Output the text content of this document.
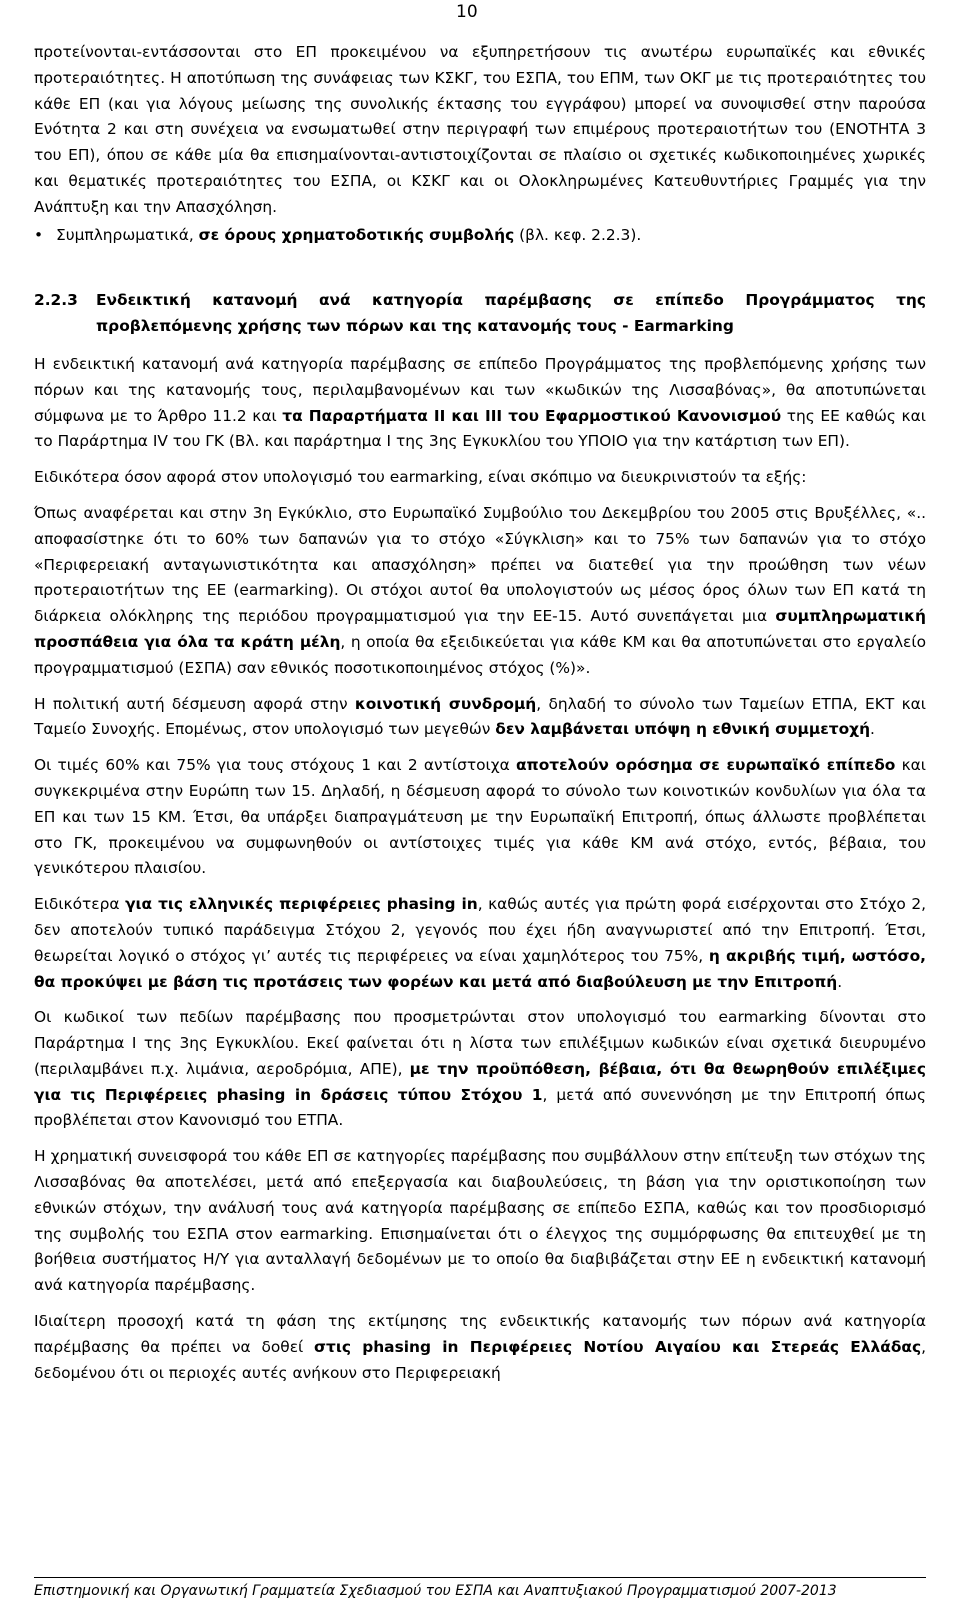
10

προτείνονται-εντάσσονται στο ΕΠ προκειμένου να εξυπηρετήσουν τις ανωτέρω ευρωπαϊκές και εθνικές προτεραιότητες. Η αποτύπωση της συνάφειας των ΚΣΚΓ, του ΕΣΠΑ, του ΕΠΜ, των ΟΚΓ με τις προτεραιότητες του κάθε ΕΠ (και για λόγους μείωσης της συνολικής έκτασης του εγγράφου) μπορεί να συνοψισθεί στην παρούσα Ενότητα 2 και στη συνέχεια να ενσωματωθεί στην περιγραφή των επιμέρους προτεραιοτήτων του (ΕΝΟΤΗΤΑ 3 του ΕΠ), όπου σε κάθε μία θα επισημαίνονται-αντιστοιχίζονται σε πλαίσιο οι σχετικές κωδικοποιημένες χωρικές και θεματικές προτεραιότητες του ΕΣΠΑ, οι ΚΣΚΓ και οι Ολοκληρωμένες Κατευθυντήριες Γραμμές για την Ανάπτυξη και την Απασχόληση.

• Συμπληρωματικά, σε όρους χρηματοδοτικής συμβολής (βλ. κεφ. 2.2.3).
2.2.3	Ενδεικτική κατανομή ανά κατηγορία παρέμβασης σε επίπεδο Προγράμματος της προβλεπόμενης χρήσης των πόρων και της κατανομής τους - Earmarking

Η ενδεικτική κατανομή ανά κατηγορία παρέμβασης σε επίπεδο Προγράμματος της προβλεπόμενης χρήσης των πόρων και της κατανομής τους, περιλαμβανομένων και των «κωδικών της Λισσαβόνας», θα αποτυπώνεται σύμφωνα με το Άρθρο 11.2 και τα Παραρτήματα ΙΙ και ΙΙΙ του Εφαρμοστικού Κανονισμού της ΕΕ καθώς και το Παράρτημα IV του ΓΚ (Βλ. και παράρτημα Ι της 3ης Εγκυκλίου του ΥΠΟΙΟ για την κατάρτιση των ΕΠ).

Ειδικότερα όσον αφορά στον υπολογισμό του earmarking, είναι σκόπιμο να διευκρινιστούν τα εξής:

Όπως αναφέρεται και στην 3η Εγκύκλιο, στο Ευρωπαϊκό Συμβούλιο του Δεκεμβρίου του 2005 στις Βρυξέλλες, «.. αποφασίστηκε ότι το 60% των δαπανών για το στόχο «Σύγκλιση» και το 75% των δαπανών για το στόχο «Περιφερειακή ανταγωνιστικότητα και απασχόληση» πρέπει να διατεθεί για την προώθηση των νέων προτεραιοτήτων της ΕΕ (earmarking). Οι στόχοι αυτοί θα υπολογιστούν ως μέσος όρος όλων των ΕΠ κατά τη διάρκεια ολόκληρης της περιόδου προγραμματισμού για την ΕΕ-15. Αυτό συνεπάγεται μια συμπληρωματική προσπάθεια για όλα τα κράτη μέλη, η οποία θα εξειδικεύεται για κάθε ΚΜ και θα αποτυπώνεται στο εργαλείο προγραμματισμού (ΕΣΠΑ) σαν εθνικός ποσοτικοποιημένος στόχος (%)».

Η πολιτική αυτή δέσμευση αφορά στην κοινοτική συνδρομή, δηλαδή το σύνολο των Ταμείων ΕΤΠΑ, ΕΚΤ και Ταμείο Συνοχής. Επομένως, στον υπολογισμό των μεγεθών δεν λαμβάνεται υπόψη η εθνική συμμετοχή.

Οι τιμές 60% και 75% για τους στόχους 1 και 2 αντίστοιχα αποτελούν ορόσημα σε ευρωπαϊκό επίπεδο και συγκεκριμένα στην Ευρώπη των 15. Δηλαδή, η δέσμευση αφορά το σύνολο των κοινοτικών κονδυλίων για όλα τα ΕΠ και των 15 ΚΜ. Έτσι, θα υπάρξει διαπραγμάτευση με την Ευρωπαϊκή Επιτροπή, όπως άλλωστε προβλέπεται στο ΓΚ, προκειμένου να συμφωνηθούν οι αντίστοιχες τιμές για κάθε ΚΜ ανά στόχο, εντός, βέβαια, του γενικότερου πλαισίου.

Ειδικότερα για τις ελληνικές περιφέρειες phasing in, καθώς αυτές για πρώτη φορά εισέρχονται στο Στόχο 2, δεν αποτελούν τυπικό παράδειγμα Στόχου 2, γεγονός που έχει ήδη αναγνωριστεί από την Επιτροπή. Έτσι, θεωρείται λογικό ο στόχος γι’ αυτές τις περιφέρειες να είναι χαμηλότερος του 75%, η ακριβής τιμή, ωστόσο, θα προκύψει με βάση τις προτάσεις των φορέων και μετά από διαβούλευση με την Επιτροπή.

Οι κωδικοί των πεδίων παρέμβασης που προσμετρώνται στον υπολογισμό του earmarking δίνονται στο Παράρτημα Ι της 3ης Εγκυκλίου. Εκεί φαίνεται ότι η λίστα των επιλέξιμων κωδικών είναι σχετικά διευρυμένο (περιλαμβάνει π.χ. λιμάνια, αεροδρόμια, ΑΠΕ), με την προϋπόθεση, βέβαια, ότι θα θεωρηθούν επιλέξιμες για τις Περιφέρειες phasing in δράσεις τύπου Στόχου 1, μετά από συνεννόηση με την Επιτροπή όπως προβλέπεται στον Κανονισμό του ΕΤΠΑ.

Η χρηματική συνεισφορά του κάθε ΕΠ σε κατηγορίες παρέμβασης που συμβάλλουν στην επίτευξη των στόχων της Λισσαβόνας θα αποτελέσει, μετά από επεξεργασία και διαβουλεύσεις, τη βάση για την οριστικοποίηση των εθνικών στόχων, την ανάλυσή τους ανά κατηγορία παρέμβασης σε επίπεδο ΕΣΠΑ, καθώς και τον προσδιορισμό της συμβολής του ΕΣΠΑ στον earmarking. Επισημαίνεται ότι ο έλεγχος της συμμόρφωσης θα επιτευχθεί με τη βοήθεια συστήματος Η/Υ για ανταλλαγή δεδομένων με το οποίο θα διαβιβάζεται στην ΕΕ η ενδεικτική κατανομή ανά κατηγορία παρέμβασης.

Ιδιαίτερη προσοχή κατά τη φάση της εκτίμησης της ενδεικτικής κατανομής των πόρων ανά κατηγορία παρέμβασης θα πρέπει να δοθεί στις phasing in Περιφέρειες Νοτίου Αιγαίου και Στερεάς Ελλάδας, δεδομένου ότι οι περιοχές αυτές ανήκουν στο Περιφερειακή

Επιστημονική και Οργανωτική Γραμματεία Σχεδιασμού του ΕΣΠΑ και Αναπτυξιακού Προγραμματισμού 2007-2013
